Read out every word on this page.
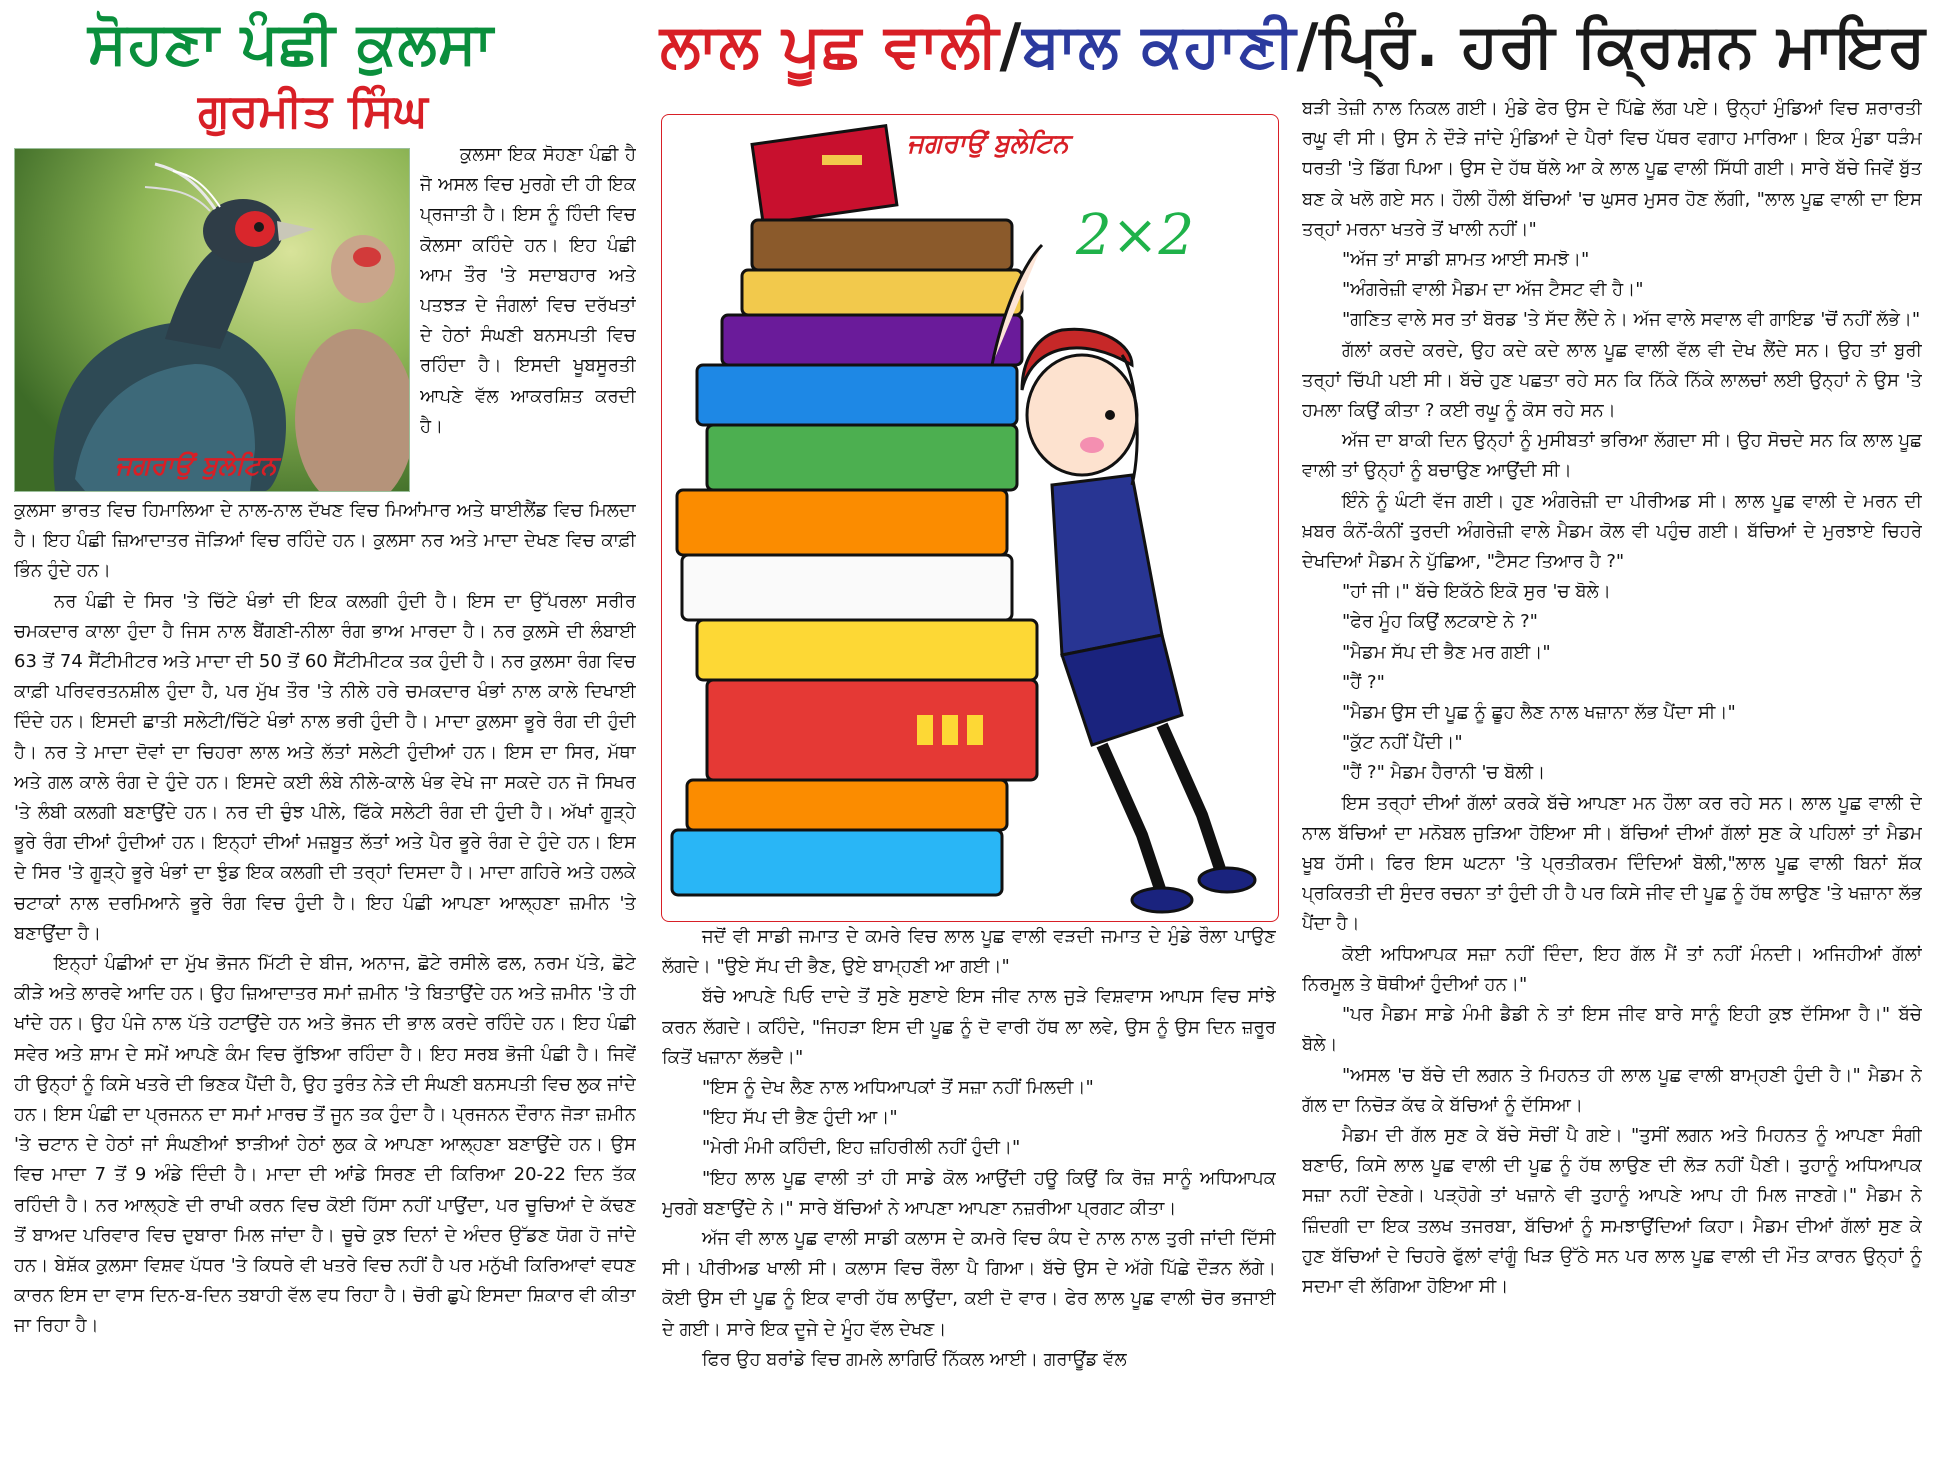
ਸੋਹਣਾ ਪੰਛੀ ਕੁਲਸਾ
ਗੁਰਮੀਤ ਸਿੰਘ
ਜਗਰਾਉਂ ਬੁਲੇਟਿਨ

ਕੁਲਸਾ ਇਕ ਸੋਹਣਾ ਪੰਛੀ ਹੈ ਜੋ ਅਸਲ ਵਿਚ ਮੁਰਗੇ ਦੀ ਹੀ ਇਕ ਪ੍ਰਜਾਤੀ ਹੈ। ਇਸ ਨੂੰ ਹਿੰਦੀ ਵਿਚ ਕੋਲਸਾ ਕਹਿੰਦੇ ਹਨ। ਇਹ ਪੰਛੀ ਆਮ ਤੌਰ 'ਤੇ ਸਦਾਬਹਾਰ ਅਤੇ ਪਤਝੜ ਦੇ ਜੰਗਲਾਂ ਵਿਚ ਦਰੱਖਤਾਂ ਦੇ ਹੇਠਾਂ ਸੰਘਣੀ ਬਨਸਪਤੀ ਵਿਚ ਰਹਿੰਦਾ ਹੈ। ਇਸਦੀ ਖੂਬਸੂਰਤੀ ਆਪਣੇ ਵੱਲ ਆਕਰਸ਼ਿਤ ਕਰਦੀ ਹੈ।

ਕੁਲਸਾ ਭਾਰਤ ਵਿਚ ਹਿਮਾਲਿਆ ਦੇ ਨਾਲ-ਨਾਲ ਦੱਖਣ ਵਿਚ ਮਿਆਂਮਾਰ ਅਤੇ ਥਾਈਲੈਂਡ ਵਿਚ ਮਿਲਦਾ ਹੈ। ਇਹ ਪੰਛੀ ਜ਼ਿਆਦਾਤਰ ਜੋੜਿਆਂ ਵਿਚ ਰਹਿੰਦੇ ਹਨ। ਕੁਲਸਾ ਨਰ ਅਤੇ ਮਾਦਾ ਦੇਖਣ ਵਿਚ ਕਾਫ਼ੀ ਭਿੰਨ ਹੁੰਦੇ ਹਨ।

ਨਰ ਪੰਛੀ ਦੇ ਸਿਰ 'ਤੇ ਚਿੱਟੇ ਖੰਭਾਂ ਦੀ ਇਕ ਕਲਗੀ ਹੁੰਦੀ ਹੈ। ਇਸ ਦਾ ਉੱਪਰਲਾ ਸਰੀਰ ਚਮਕਦਾਰ ਕਾਲਾ ਹੁੰਦਾ ਹੈ ਜਿਸ ਨਾਲ ਬੈਂਗਣੀ-ਨੀਲਾ ਰੰਗ ਭਾਅ ਮਾਰਦਾ ਹੈ। ਨਰ ਕੁਲਸੇ ਦੀ ਲੰਬਾਈ 63 ਤੋਂ 74 ਸੈਂਟੀਮੀਟਰ ਅਤੇ ਮਾਦਾ ਦੀ 50 ਤੋਂ 60 ਸੈਂਟੀਮੀਟਕ ਤਕ ਹੁੰਦੀ ਹੈ। ਨਰ ਕੁਲਸਾ ਰੰਗ ਵਿਚ ਕਾਫ਼ੀ ਪਰਿਵਰਤਨਸ਼ੀਲ ਹੁੰਦਾ ਹੈ, ਪਰ ਮੁੱਖ ਤੌਰ 'ਤੇ ਨੀਲੇ ਹਰੇ ਚਮਕਦਾਰ ਖੰਭਾਂ ਨਾਲ ਕਾਲੇ ਦਿਖਾਈ ਦਿੰਦੇ ਹਨ। ਇਸਦੀ ਛਾਤੀ ਸਲੇਟੀ/ਚਿੱਟੇ ਖੰਭਾਂ ਨਾਲ ਭਰੀ ਹੁੰਦੀ ਹੈ। ਮਾਦਾ ਕੁਲਸਾ ਭੂਰੇ ਰੰਗ ਦੀ ਹੁੰਦੀ ਹੈ। ਨਰ ਤੇ ਮਾਦਾ ਦੋਵਾਂ ਦਾ ਚਿਹਰਾ ਲਾਲ ਅਤੇ ਲੱਤਾਂ ਸਲੇਟੀ ਹੁੰਦੀਆਂ ਹਨ। ਇਸ ਦਾ ਸਿਰ, ਮੱਥਾ ਅਤੇ ਗਲ ਕਾਲੇ ਰੰਗ ਦੇ ਹੁੰਦੇ ਹਨ। ਇਸਦੇ ਕਈ ਲੰਬੇ ਨੀਲੇ-ਕਾਲੇ ਖੰਭ ਵੇਖੇ ਜਾ ਸਕਦੇ ਹਨ ਜੋ ਸਿਖਰ 'ਤੇ ਲੰਬੀ ਕਲਗੀ ਬਣਾਉਂਦੇ ਹਨ। ਨਰ ਦੀ ਚੁੰਝ ਪੀਲੇ, ਫਿੱਕੇ ਸਲੇਟੀ ਰੰਗ ਦੀ ਹੁੰਦੀ ਹੈ। ਅੱਖਾਂ ਗੂੜ੍ਹੇ ਭੂਰੇ ਰੰਗ ਦੀਆਂ ਹੁੰਦੀਆਂ ਹਨ। ਇਨ੍ਹਾਂ ਦੀਆਂ ਮਜ਼ਬੂਤ ਲੱਤਾਂ ਅਤੇ ਪੈਰ ਭੂਰੇ ਰੰਗ ਦੇ ਹੁੰਦੇ ਹਨ। ਇਸ ਦੇ ਸਿਰ 'ਤੇ ਗੂੜ੍ਹੇ ਭੂਰੇ ਖੰਭਾਂ ਦਾ ਝੁੰਡ ਇਕ ਕਲਗੀ ਦੀ ਤਰ੍ਹਾਂ ਦਿਸਦਾ ਹੈ। ਮਾਦਾ ਗਹਿਰੇ ਅਤੇ ਹਲਕੇ ਚਟਾਕਾਂ ਨਾਲ ਦਰਮਿਆਨੇ ਭੂਰੇ ਰੰਗ ਵਿਚ ਹੁੰਦੀ ਹੈ। ਇਹ ਪੰਛੀ ਆਪਣਾ ਆਲ੍ਹਣਾ ਜ਼ਮੀਨ 'ਤੇ ਬਣਾਉਂਦਾ ਹੈ।

ਇਨ੍ਹਾਂ ਪੰਛੀਆਂ ਦਾ ਮੁੱਖ ਭੋਜਨ ਮਿੱਟੀ ਦੇ ਬੀਜ, ਅਨਾਜ, ਛੋਟੇ ਰਸੀਲੇ ਫਲ, ਨਰਮ ਪੱਤੇ, ਛੋਟੇ ਕੀੜੇ ਅਤੇ ਲਾਰਵੇ ਆਦਿ ਹਨ। ਉਹ ਜ਼ਿਆਦਾਤਰ ਸਮਾਂ ਜ਼ਮੀਨ 'ਤੇ ਬਿਤਾਉਂਦੇ ਹਨ ਅਤੇ ਜ਼ਮੀਨ 'ਤੇ ਹੀ ਖਾਂਦੇ ਹਨ। ਉਹ ਪੰਜੇ ਨਾਲ ਪੱਤੇ ਹਟਾਉਂਦੇ ਹਨ ਅਤੇ ਭੋਜਨ ਦੀ ਭਾਲ ਕਰਦੇ ਰਹਿੰਦੇ ਹਨ। ਇਹ ਪੰਛੀ ਸਵੇਰ ਅਤੇ ਸ਼ਾਮ ਦੇ ਸਮੇਂ ਆਪਣੇ ਕੰਮ ਵਿਚ ਰੁੱਝਿਆ ਰਹਿੰਦਾ ਹੈ। ਇਹ ਸਰਬ ਭੋਜੀ ਪੰਛੀ ਹੈ। ਜਿਵੇਂ ਹੀ ਉਨ੍ਹਾਂ ਨੂੰ ਕਿਸੇ ਖਤਰੇ ਦੀ ਭਿਣਕ ਪੈਂਦੀ ਹੈ, ਉਹ ਤੁਰੰਤ ਨੇੜੇ ਦੀ ਸੰਘਣੀ ਬਨਸਪਤੀ ਵਿਚ ਲੁਕ ਜਾਂਦੇ ਹਨ। ਇਸ ਪੰਛੀ ਦਾ ਪ੍ਰਜਨਨ ਦਾ ਸਮਾਂ ਮਾਰਚ ਤੋਂ ਜੂਨ ਤਕ ਹੁੰਦਾ ਹੈ। ਪ੍ਰਜਨਨ ਦੌਰਾਨ ਜੋੜਾ ਜ਼ਮੀਨ 'ਤੇ ਚਟਾਨ ਦੇ ਹੇਠਾਂ ਜਾਂ ਸੰਘਣੀਆਂ ਝਾੜੀਆਂ ਹੇਠਾਂ ਲੁਕ ਕੇ ਆਪਣਾ ਆਲ੍ਹਣਾ ਬਣਾਉਂਦੇ ਹਨ। ਉਸ ਵਿਚ ਮਾਦਾ 7 ਤੋਂ 9 ਅੰਡੇ ਦਿੰਦੀ ਹੈ। ਮਾਦਾ ਦੀ ਆਂਡੇ ਸਿਰਣ ਦੀ ਕਿਰਿਆ 20-22 ਦਿਨ ਤੱਕ ਰਹਿੰਦੀ ਹੈ। ਨਰ ਆਲ੍ਹਣੇ ਦੀ ਰਾਖੀ ਕਰਨ ਵਿਚ ਕੋਈ ਹਿੱਸਾ ਨਹੀਂ ਪਾਉਂਦਾ, ਪਰ ਚੂਚਿਆਂ ਦੇ ਕੱਢਣ ਤੋਂ ਬਾਅਦ ਪਰਿਵਾਰ ਵਿਚ ਦੁਬਾਰਾ ਮਿਲ ਜਾਂਦਾ ਹੈ। ਚੂਚੇ ਕੁਝ ਦਿਨਾਂ ਦੇ ਅੰਦਰ ਉੱਡਣ ਯੋਗ ਹੋ ਜਾਂਦੇ ਹਨ। ਬੇਸ਼ੱਕ ਕੁਲਸਾ ਵਿਸ਼ਵ ਪੱਧਰ 'ਤੇ ਕਿਧਰੇ ਵੀ ਖਤਰੇ ਵਿਚ ਨਹੀਂ ਹੈ ਪਰ ਮਨੁੱਖੀ ਕਿਰਿਆਵਾਂ ਵਧਣ ਕਾਰਨ ਇਸ ਦਾ ਵਾਸ ਦਿਨ-ਬ-ਦਿਨ ਤਬਾਹੀ ਵੱਲ ਵਧ ਰਿਹਾ ਹੈ। ਚੋਰੀ ਛੁਪੇ ਇਸਦਾ ਸ਼ਿਕਾਰ ਵੀ ਕੀਤਾ ਜਾ ਰਿਹਾ ਹੈ।

ਲਾਲ ਪੂਛ ਵਾਲੀ/ਬਾਲ ਕਹਾਣੀ/ਪ੍ਰਿੰ. ਹਰੀ ਕ੍ਰਿਸ਼ਨ ਮਾਇਰ
ਜਗਰਾਉਂ ਬੁਲੇਟਿਨ
2×2

ਜਦੋਂ ਵੀ ਸਾਡੀ ਜਮਾਤ ਦੇ ਕਮਰੇ ਵਿਚ ਲਾਲ ਪੂਛ ਵਾਲੀ ਵੜਦੀ ਜਮਾਤ ਦੇ ਮੁੰਡੇ ਰੌਲਾ ਪਾਉਣ ਲੱਗਦੇ। "ਉਏ ਸੱਪ ਦੀ ਭੈਣ, ਉਏ ਬਾਮ੍ਹਣੀ ਆ ਗਈ।"

ਬੱਚੇ ਆਪਣੇ ਪਿਓ ਦਾਦੇ ਤੋਂ ਸੁਣੇ ਸੁਣਾਏ ਇਸ ਜੀਵ ਨਾਲ ਜੁੜੇ ਵਿਸ਼ਵਾਸ ਆਪਸ ਵਿਚ ਸਾਂਝੇ ਕਰਨ ਲੱਗਦੇ। ਕਹਿੰਦੇ, "ਜਿਹੜਾ ਇਸ ਦੀ ਪੂਛ ਨੂੰ ਦੋ ਵਾਰੀ ਹੱਥ ਲਾ ਲਵੇ, ਉਸ ਨੂੰ ਉਸ ਦਿਨ ਜ਼ਰੂਰ ਕਿਤੋਂ ਖਜ਼ਾਨਾ ਲੱਭਦੈ।"

"ਇਸ ਨੂੰ ਦੇਖ ਲੈਣ ਨਾਲ ਅਧਿਆਪਕਾਂ ਤੋਂ ਸਜ਼ਾ ਨਹੀਂ ਮਿਲਦੀ।"

"ਇਹ ਸੱਪ ਦੀ ਭੈਣ ਹੁੰਦੀ ਆ।"

"ਮੇਰੀ ਮੰਮੀ ਕਹਿੰਦੀ, ਇਹ ਜ਼ਹਿਰੀਲੀ ਨਹੀਂ ਹੁੰਦੀ।"

"ਇਹ ਲਾਲ ਪੂਛ ਵਾਲੀ ਤਾਂ ਹੀ ਸਾਡੇ ਕੋਲ ਆਉਂਦੀ ਹਊ ਕਿਉਂ ਕਿ ਰੋਜ਼ ਸਾਨੂੰ ਅਧਿਆਪਕ ਮੁਰਗੇ ਬਣਾਉਂਦੇ ਨੇ।" ਸਾਰੇ ਬੱਚਿਆਂ ਨੇ ਆਪਣਾ ਆਪਣਾ ਨਜ਼ਰੀਆ ਪ੍ਰਗਟ ਕੀਤਾ।

ਅੱਜ ਵੀ ਲਾਲ ਪੂਛ ਵਾਲੀ ਸਾਡੀ ਕਲਾਸ ਦੇ ਕਮਰੇ ਵਿਚ ਕੰਧ ਦੇ ਨਾਲ ਨਾਲ ਤੁਰੀ ਜਾਂਦੀ ਦਿੱਸੀ ਸੀ। ਪੀਰੀਅਡ ਖਾਲੀ ਸੀ। ਕਲਾਸ ਵਿਚ ਰੌਲਾ ਪੈ ਗਿਆ। ਬੱਚੇ ਉਸ ਦੇ ਅੱਗੇ ਪਿੱਛੇ ਦੌੜਨ ਲੱਗੇ। ਕੋਈ ਉਸ ਦੀ ਪੂਛ ਨੂੰ ਇਕ ਵਾਰੀ ਹੱਥ ਲਾਉਂਦਾ, ਕਈ ਦੋ ਵਾਰ। ਫੇਰ ਲਾਲ ਪੂਛ ਵਾਲੀ ਚੋਰ ਭਜਾਈ ਦੇ ਗਈ। ਸਾਰੇ ਇਕ ਦੂਜੇ ਦੇ ਮੂੰਹ ਵੱਲ ਦੇਖਣ।

ਫਿਰ ਉਹ ਬਰਾਂਡੇ ਵਿਚ ਗਮਲੇ ਲਾਗਿਓਂ ਨਿੱਕਲ ਆਈ। ਗਰਾਊਂਡ ਵੱਲ

ਬੜੀ ਤੇਜ਼ੀ ਨਾਲ ਨਿਕਲ ਗਈ। ਮੁੰਡੇ ਫੇਰ ਉਸ ਦੇ ਪਿੱਛੇ ਲੱਗ ਪਏ। ਉਨ੍ਹਾਂ ਮੁੰਡਿਆਂ ਵਿਚ ਸ਼ਰਾਰਤੀ ਰਘੂ ਵੀ ਸੀ। ਉਸ ਨੇ ਦੌੜੇ ਜਾਂਦੇ ਮੁੰਡਿਆਂ ਦੇ ਪੈਰਾਂ ਵਿਚ ਪੱਥਰ ਵਗਾਹ ਮਾਰਿਆ। ਇਕ ਮੁੰਡਾ ਧੜੰਮ ਧਰਤੀ 'ਤੇ ਡਿੱਗ ਪਿਆ। ਉਸ ਦੇ ਹੱਥ ਥੱਲੇ ਆ ਕੇ ਲਾਲ ਪੂਛ ਵਾਲੀ ਸਿੱਧੀ ਗਈ। ਸਾਰੇ ਬੱਚੇ ਜਿਵੇਂ ਬੁੱਤ ਬਣ ਕੇ ਖਲੋ ਗਏ ਸਨ। ਹੌਲੀ ਹੌਲੀ ਬੱਚਿਆਂ 'ਚ ਘੁਸਰ ਮੁਸਰ ਹੋਣ ਲੱਗੀ, "ਲਾਲ ਪੂਛ ਵਾਲੀ ਦਾ ਇਸ ਤਰ੍ਹਾਂ ਮਰਨਾ ਖਤਰੇ ਤੋਂ ਖਾਲੀ ਨਹੀਂ।"

"ਅੱਜ ਤਾਂ ਸਾਡੀ ਸ਼ਾਮਤ ਆਈ ਸਮਝੋ।"

"ਅੰਗਰੇਜ਼ੀ ਵਾਲੀ ਮੈਡਮ ਦਾ ਅੱਜ ਟੈਸਟ ਵੀ ਹੈ।"

"ਗਣਿਤ ਵਾਲੇ ਸਰ ਤਾਂ ਬੋਰਡ 'ਤੇ ਸੱਦ ਲੈਂਦੇ ਨੇ। ਅੱਜ ਵਾਲੇ ਸਵਾਲ ਵੀ ਗਾਇਡ 'ਚੋਂ ਨਹੀਂ ਲੱਭੇ।"

ਗੱਲਾਂ ਕਰਦੇ ਕਰਦੇ, ਉਹ ਕਦੇ ਕਦੇ ਲਾਲ ਪੂਛ ਵਾਲੀ ਵੱਲ ਵੀ ਦੇਖ ਲੈਂਦੇ ਸਨ। ਉਹ ਤਾਂ ਬੁਰੀ ਤਰ੍ਹਾਂ ਚਿੱਪੀ ਪਈ ਸੀ। ਬੱਚੇ ਹੁਣ ਪਛਤਾ ਰਹੇ ਸਨ ਕਿ ਨਿੱਕੇ ਨਿੱਕੇ ਲਾਲਚਾਂ ਲਈ ਉਨ੍ਹਾਂ ਨੇ ਉਸ 'ਤੇ ਹਮਲਾ ਕਿਉਂ ਕੀਤਾ ? ਕਈ ਰਘੂ ਨੂੰ ਕੋਸ ਰਹੇ ਸਨ।

ਅੱਜ ਦਾ ਬਾਕੀ ਦਿਨ ਉਨ੍ਹਾਂ ਨੂੰ ਮੁਸੀਬਤਾਂ ਭਰਿਆ ਲੱਗਦਾ ਸੀ। ਉਹ ਸੋਚਦੇ ਸਨ ਕਿ ਲਾਲ ਪੂਛ ਵਾਲੀ ਤਾਂ ਉਨ੍ਹਾਂ ਨੂੰ ਬਚਾਉਣ ਆਉਂਦੀ ਸੀ।

ਇੰਨੇ ਨੂੰ ਘੰਟੀ ਵੱਜ ਗਈ। ਹੁਣ ਅੰਗਰੇਜ਼ੀ ਦਾ ਪੀਰੀਅਡ ਸੀ। ਲਾਲ ਪੂਛ ਵਾਲੀ ਦੇ ਮਰਨ ਦੀ ਖ਼ਬਰ ਕੰਨੋਂ-ਕੰਨੀਂ ਤੁਰਦੀ ਅੰਗਰੇਜ਼ੀ ਵਾਲੇ ਮੈਡਮ ਕੋਲ ਵੀ ਪਹੁੰਚ ਗਈ। ਬੱਚਿਆਂ ਦੇ ਮੁਰਝਾਏ ਚਿਹਰੇ ਦੇਖਦਿਆਂ ਮੈਡਮ ਨੇ ਪੁੱਛਿਆ, "ਟੈਸਟ ਤਿਆਰ ਹੈ ?"

"ਹਾਂ ਜੀ।" ਬੱਚੇ ਇਕੱਠੇ ਇਕੋ ਸੁਰ 'ਚ ਬੋਲੇ।

"ਫੇਰ ਮੂੰਹ ਕਿਉਂ ਲਟਕਾਏ ਨੇ ?"

"ਮੈਡਮ ਸੱਪ ਦੀ ਭੈਣ ਮਰ ਗਈ।"

"ਹੈਂ ?"

"ਮੈਡਮ ਉਸ ਦੀ ਪੂਛ ਨੂੰ ਛੂਹ ਲੈਣ ਨਾਲ ਖਜ਼ਾਨਾ ਲੱਭ ਪੈਂਦਾ ਸੀ।"

"ਕੁੱਟ ਨਹੀਂ ਪੈਂਦੀ।"

"ਹੈਂ ?" ਮੈਡਮ ਹੈਰਾਨੀ 'ਚ ਬੋਲੀ।

ਇਸ ਤਰ੍ਹਾਂ ਦੀਆਂ ਗੱਲਾਂ ਕਰਕੇ ਬੱਚੇ ਆਪਣਾ ਮਨ ਹੌਲਾ ਕਰ ਰਹੇ ਸਨ। ਲਾਲ ਪੂਛ ਵਾਲੀ ਦੇ ਨਾਲ ਬੱਚਿਆਂ ਦਾ ਮਨੋਬਲ ਜੁੜਿਆ ਹੋਇਆ ਸੀ। ਬੱਚਿਆਂ ਦੀਆਂ ਗੱਲਾਂ ਸੁਣ ਕੇ ਪਹਿਲਾਂ ਤਾਂ ਮੈਡਮ ਖੂਬ ਹੱਸੀ। ਫਿਰ ਇਸ ਘਟਨਾ 'ਤੇ ਪ੍ਰਤੀਕਰਮ ਦਿੰਦਿਆਂ ਬੋਲੀ,"ਲਾਲ ਪੂਛ ਵਾਲੀ ਬਿਨਾਂ ਸ਼ੱਕ ਪ੍ਰਕਿਰਤੀ ਦੀ ਸੁੰਦਰ ਰਚਨਾ ਤਾਂ ਹੁੰਦੀ ਹੀ ਹੈ ਪਰ ਕਿਸੇ ਜੀਵ ਦੀ ਪੂਛ ਨੂੰ ਹੱਥ ਲਾਉਣ 'ਤੇ ਖਜ਼ਾਨਾ ਲੱਭ ਪੈਂਦਾ ਹੈ।

ਕੋਈ ਅਧਿਆਪਕ ਸਜ਼ਾ ਨਹੀਂ ਦਿੰਦਾ, ਇਹ ਗੱਲ ਮੈਂ ਤਾਂ ਨਹੀਂ ਮੰਨਦੀ। ਅਜਿਹੀਆਂ ਗੱਲਾਂ ਨਿਰਮੂਲ ਤੇ ਥੋਥੀਆਂ ਹੁੰਦੀਆਂ ਹਨ।"

"ਪਰ ਮੈਡਮ ਸਾਡੇ ਮੰਮੀ ਡੈਡੀ ਨੇ ਤਾਂ ਇਸ ਜੀਵ ਬਾਰੇ ਸਾਨੂੰ ਇਹੀ ਕੁਝ ਦੱਸਿਆ ਹੈ।" ਬੱਚੇ ਬੋਲੇ।

"ਅਸਲ 'ਚ ਬੱਚੇ ਦੀ ਲਗਨ ਤੇ ਮਿਹਨਤ ਹੀ ਲਾਲ ਪੂਛ ਵਾਲੀ ਬਾਮ੍ਹਣੀ ਹੁੰਦੀ ਹੈ।" ਮੈਡਮ ਨੇ ਗੱਲ ਦਾ ਨਿਚੋੜ ਕੱਢ ਕੇ ਬੱਚਿਆਂ ਨੂੰ ਦੱਸਿਆ।

ਮੈਡਮ ਦੀ ਗੱਲ ਸੁਣ ਕੇ ਬੱਚੇ ਸੋਚੀਂ ਪੈ ਗਏ। "ਤੁਸੀਂ ਲਗਨ ਅਤੇ ਮਿਹਨਤ ਨੂੰ ਆਪਣਾ ਸੰਗੀ ਬਣਾਓ, ਕਿਸੇ ਲਾਲ ਪੂਛ ਵਾਲੀ ਦੀ ਪੂਛ ਨੂੰ ਹੱਥ ਲਾਉਣ ਦੀ ਲੋੜ ਨਹੀਂ ਪੈਣੀ। ਤੁਹਾਨੂੰ ਅਧਿਆਪਕ ਸਜ਼ਾ ਨਹੀਂ ਦੇਣਗੇ। ਪੜ੍ਹੋਗੇ ਤਾਂ ਖਜ਼ਾਨੇ ਵੀ ਤੁਹਾਨੂੰ ਆਪਣੇ ਆਪ ਹੀ ਮਿਲ ਜਾਣਗੇ।" ਮੈਡਮ ਨੇ ਜ਼ਿੰਦਗੀ ਦਾ ਇਕ ਤਲਖ ਤਜਰਬਾ, ਬੱਚਿਆਂ ਨੂੰ ਸਮਝਾਉਂਦਿਆਂ ਕਿਹਾ। ਮੈਡਮ ਦੀਆਂ ਗੱਲਾਂ ਸੁਣ ਕੇ ਹੁਣ ਬੱਚਿਆਂ ਦੇ ਚਿਹਰੇ ਫੁੱਲਾਂ ਵਾਂਗੂੰ ਖਿੜ ਉੱਠੇ ਸਨ ਪਰ ਲਾਲ ਪੂਛ ਵਾਲੀ ਦੀ ਮੌਤ ਕਾਰਨ ਉਨ੍ਹਾਂ ਨੂੰ ਸਦਮਾ ਵੀ ਲੱਗਿਆ ਹੋਇਆ ਸੀ।
